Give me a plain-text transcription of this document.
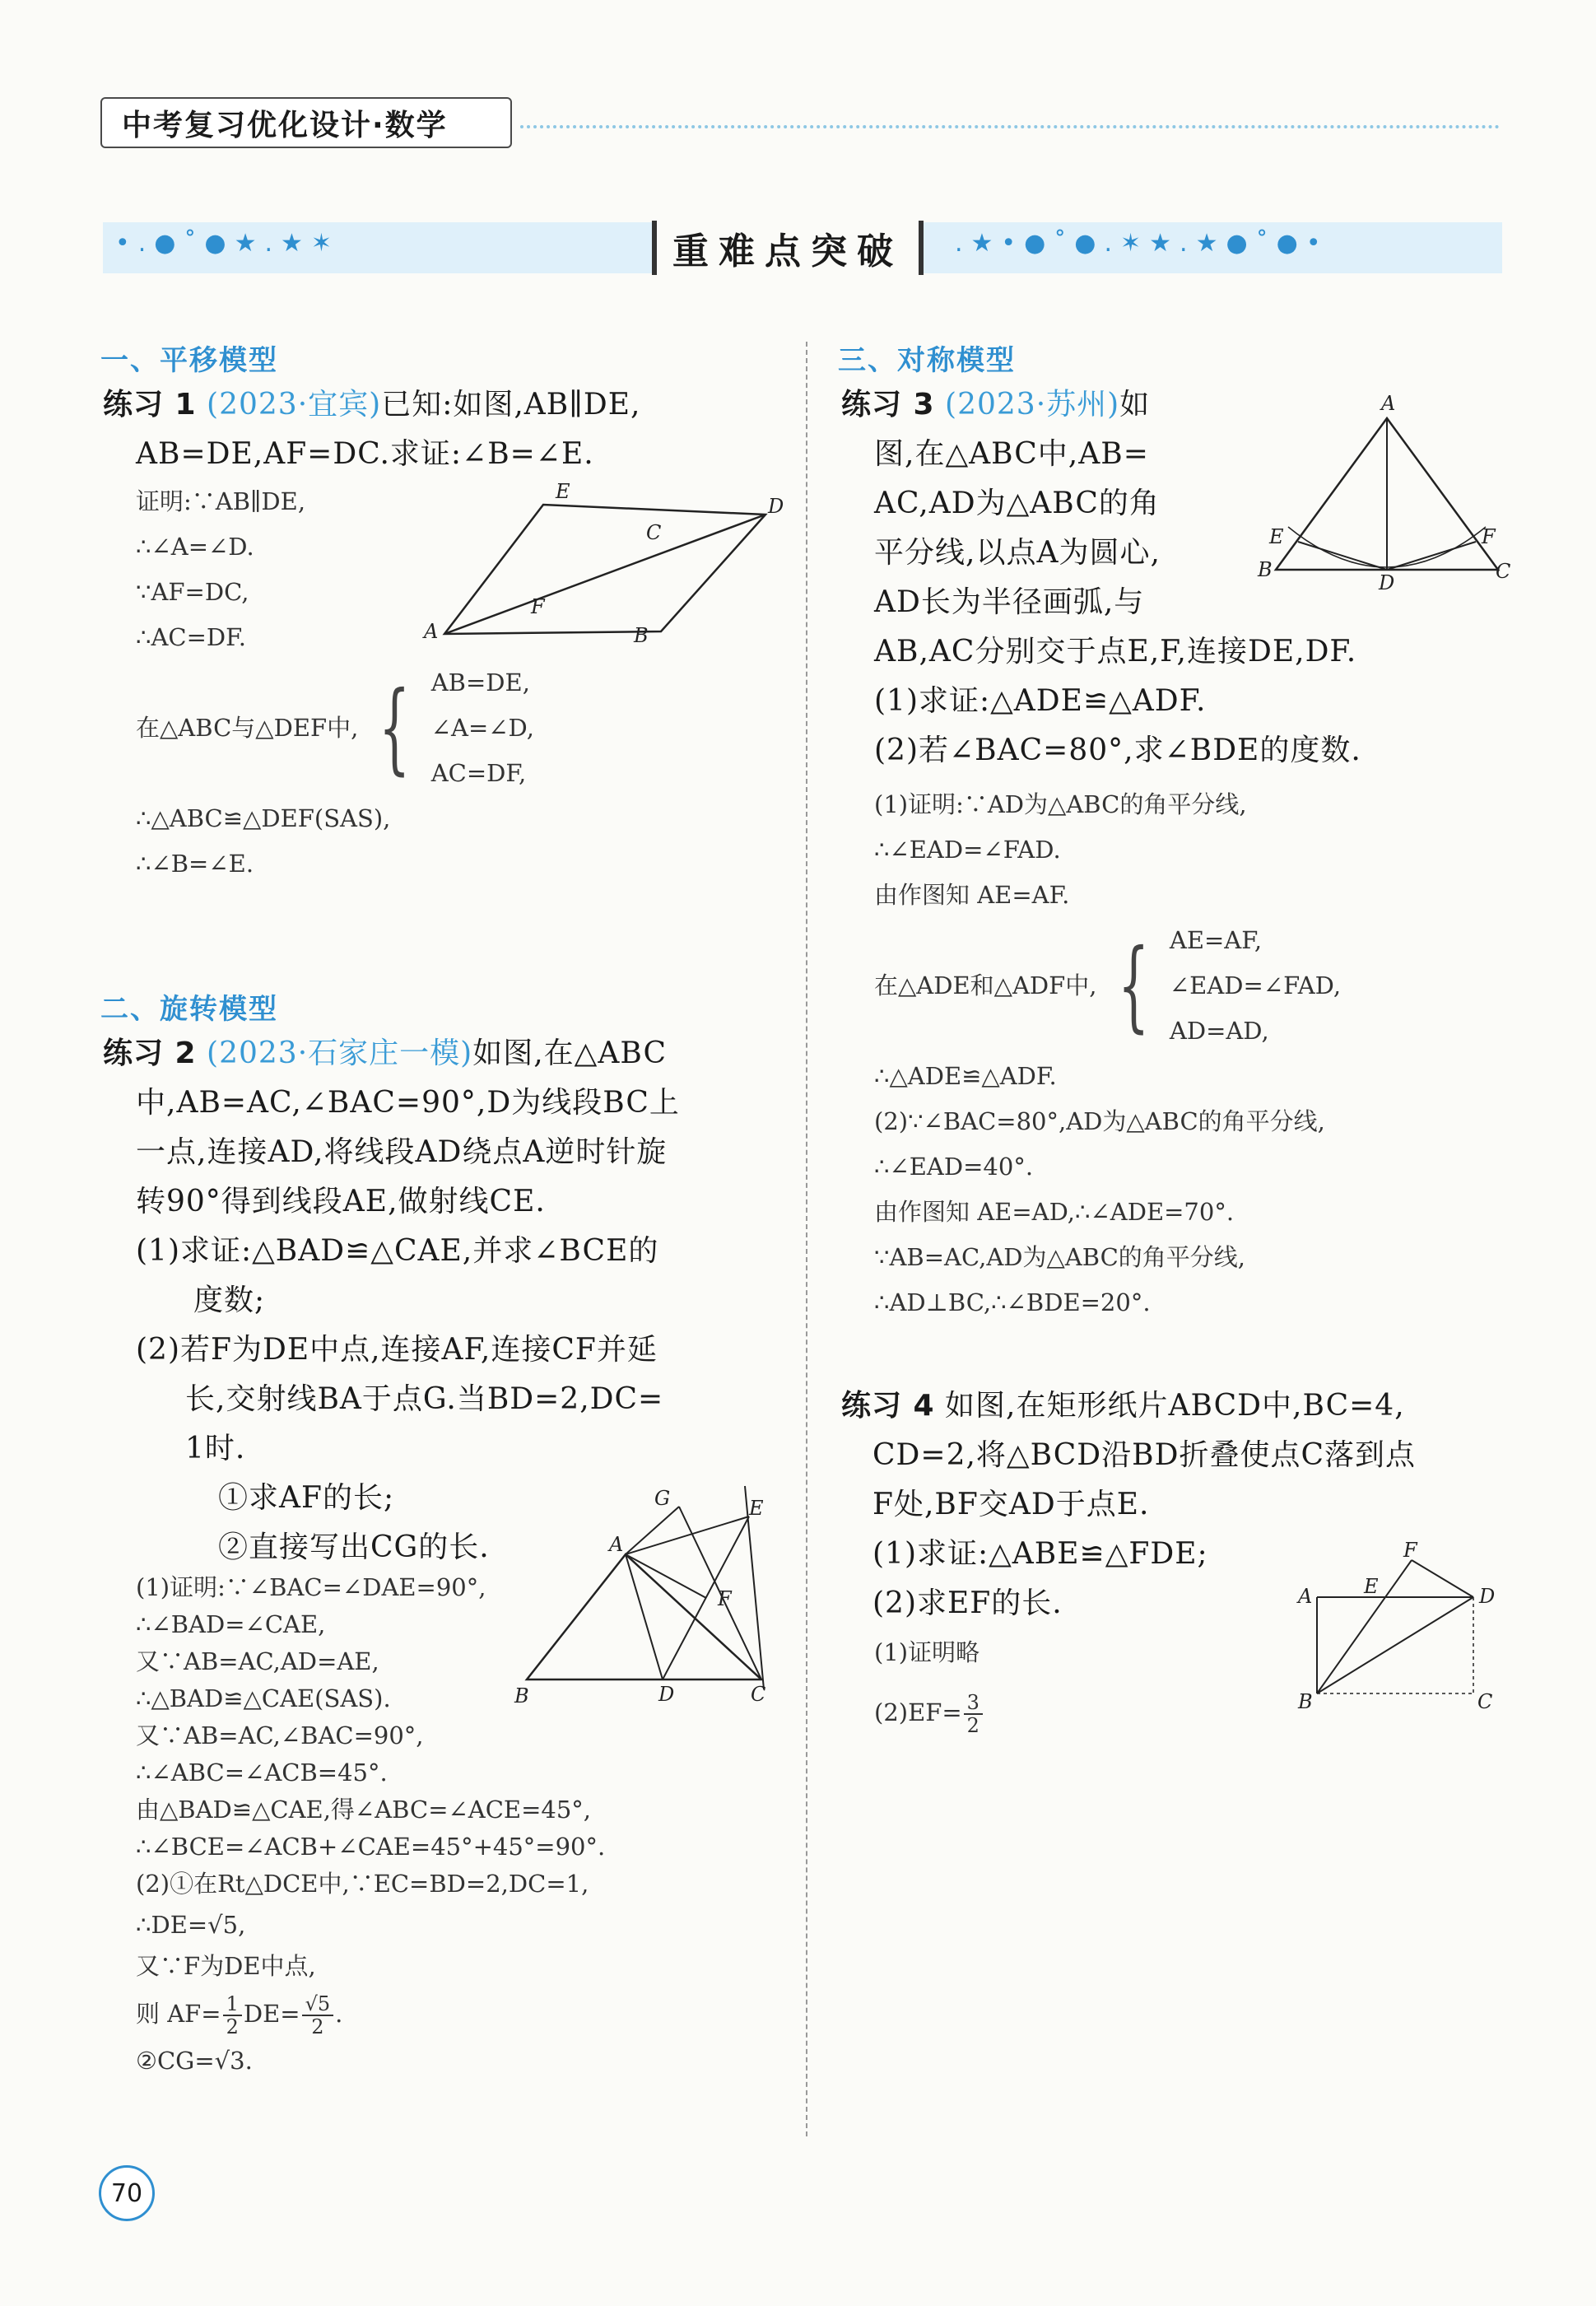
中考复习优化设计·数学
•.●˚●★.★✶	.★•●˚●.✶★.★●˚●•
重难点突破
一、平移模型
练习 1 (2023·宜宾)已知:如图,AB∥DE,
AB=DE,AF=DC.求证:∠B=∠E.
证明:∵AB∥DE,
∴∠A=∠D.
∵AF=DC,
∴AC=DF.
在△ABC与△DEF中, { AB=DE,
∠A=∠D,
AC=DF,
∴△ABC≌△DEF(SAS),
∴∠B=∠E.
E
D
C
F
A	B
二、旋转模型
练习 2 (2023·石家庄一模)如图,在△ABC
中,AB=AC,∠BAC=90°,D为线段BC上
一点,连接AD,将线段AD绕点A逆时针旋
转90°得到线段AE,做射线CE.
(1)求证:△BAD≌△CAE,并求∠BCE的
度数;
(2)若F为DE中点,连接AF,连接CF并延
长,交射线BA于点G.当BD=2,DC=
1时.
①求AF的长;
②直接写出CG的长.
(1)证明:∵∠BAC=∠DAE=90°,
∴∠BAD=∠CAE,
又∵AB=AC,AD=AE,
∴△BAD≌△CAE(SAS).
又∵AB=AC,∠BAC=90°,
∴∠ABC=∠ACB=45°.
由△BAD≌△CAE,得∠ABC=∠ACE=45°,
∴∠BCE=∠ACB+∠CAE=45°+45°=90°.
(2)①在Rt△DCE中,∵EC=BD=2,DC=1,
∴DE=√5,
又∵F为DE中点,
则 $AF= \frac{1}{2} DE= \frac{√5}{2}$ .
②CG=√3.
G	E
A
F
B	D	C
三、对称模型
练习 3 (2023·苏州)如
图,在△ABC中,AB=
AC,AD为△ABC的角
平分线,以点A为圆心,
AD长为半径画弧,与
AB,AC分别交于点E,F,连接DE,DF.
(1)求证:△ADE≌△ADF.
(2)若∠BAC=80°,求∠BDE的度数.
A
E	F
B
D	C
(1)证明:∵AD为△ABC的角平分线,
∴∠EAD=∠FAD.
由作图知 AE=AF.
在△ADE和△ADF中, { AE=AF,
∠EAD=∠FAD,
AD=AD,
∴△ADE≌△ADF.
(2)∵∠BAC=80°,AD为△ABC的角平分线,
∴∠EAD=40°.
由作图知 AE=AD,∴∠ADE=70°.
∵AB=AC,AD为△ABC的角平分线,
∴AD⊥BC,∴∠BDE=20°.
练习 4 如图,在矩形纸片ABCD中,BC=4,
CD=2,将△BCD沿BD折叠使点C落到点
F处,BF交AD于点E.
(1)求证:△ABE≌△FDE;
(2)求EF的长.
(1)证明略
$(2)EF= \frac{3}{2}$
F
E
A	D
B	C
70
